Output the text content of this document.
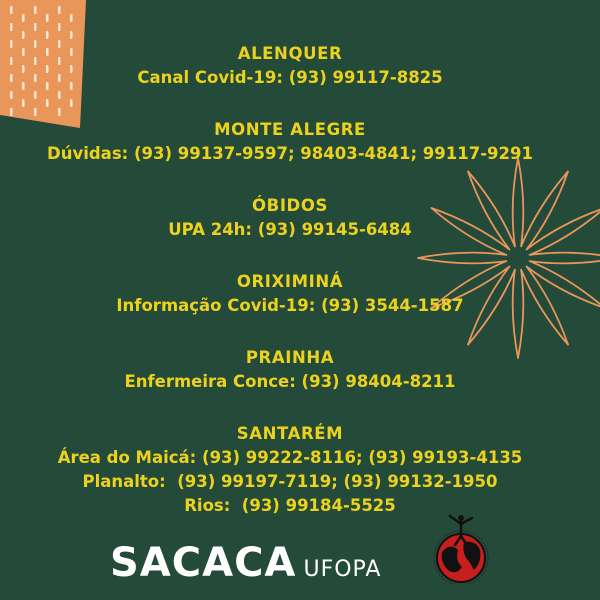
ALENQUER
Canal Covid-19: (93) 99117-8825
MONTE ALEGRE
Dúvidas: (93) 99137-9597; 98403-4841; 99117-9291
ÓBIDOS
UPA 24h: (93) 99145-6484
ORIXIMINÁ
Informação Covid-19: (93) 3544-1587
PRAINHA
Enfermeira Conce: (93) 98404-8211
SANTARÉM
Área do Maicá: (93) 99222-8116; (93) 99193-4135
Planalto:  (93) 99197-7119; (93) 99132-1950
Rios:  (93) 99184-5525
SACACA UFOPA
